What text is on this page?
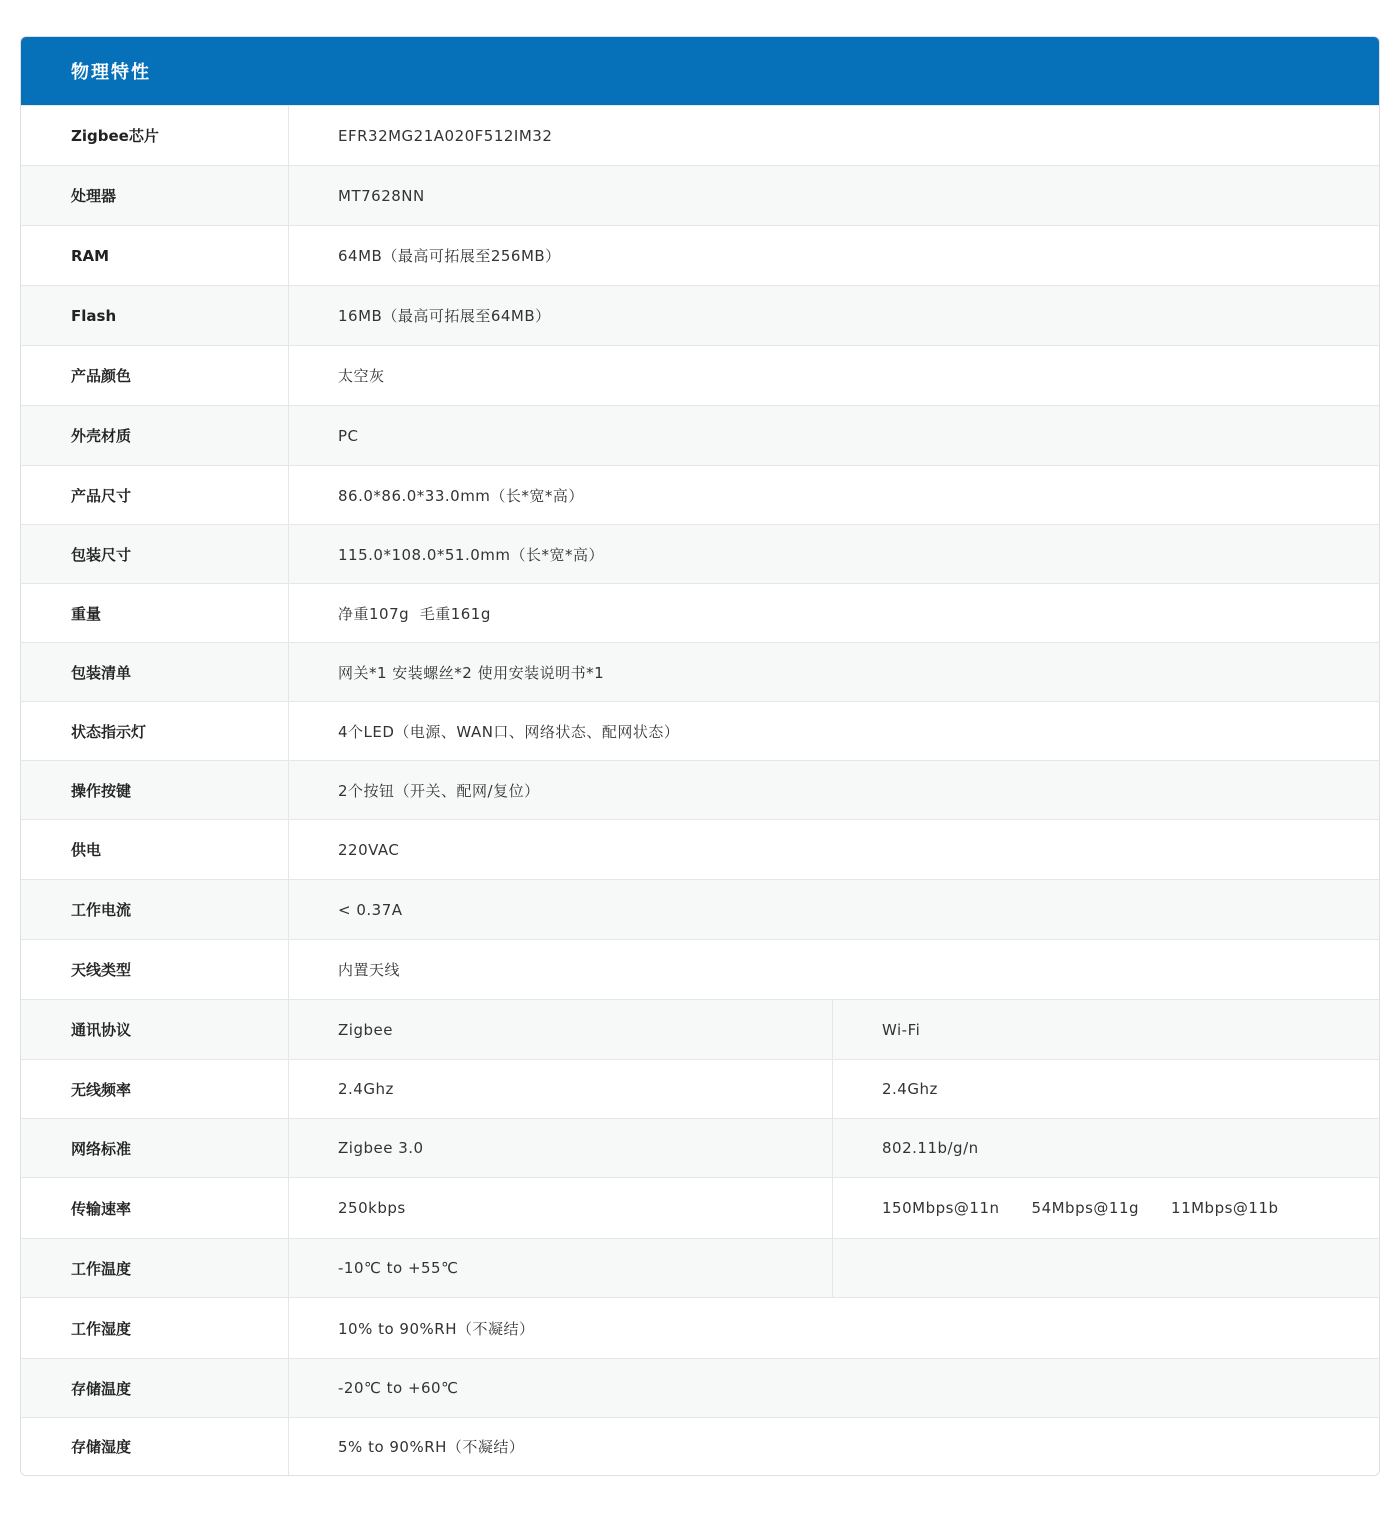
物理特性
Zigbee芯片	EFR32MG21A020F512IM32
处理器	MT7628NN
RAM	64MB（最高可拓展至256MB）
Flash	16MB（最高可拓展至64MB）
产品颜色	太空灰
外壳材质	PC
产品尺寸	86.0*86.0*33.0mm（长*宽*高）
包装尺寸	115.0*108.0*51.0mm（长*宽*高）
重量	净重107g  毛重161g
包装清单	网关*1 安装螺丝*2 使用安装说明书*1
状态指示灯	4个LED（电源、WAN口、网络状态、配网状态）
操作按键	2个按钮（开关、配网/复位）
供电	220VAC
工作电流	< 0.37A
天线类型	内置天线
通讯协议	Zigbee	Wi-Fi
无线频率	2.4Ghz	2.4Ghz
网络标准	Zigbee 3.0	802.11b/g/n
传输速率	250kbps	150Mbps@11n 54Mbps@11g 11Mbps@11b
工作温度	-10℃ to +55℃
工作湿度	10% to 90%RH（不凝结）
存储温度	-20℃ to +60℃
存储湿度	5% to 90%RH（不凝结）
